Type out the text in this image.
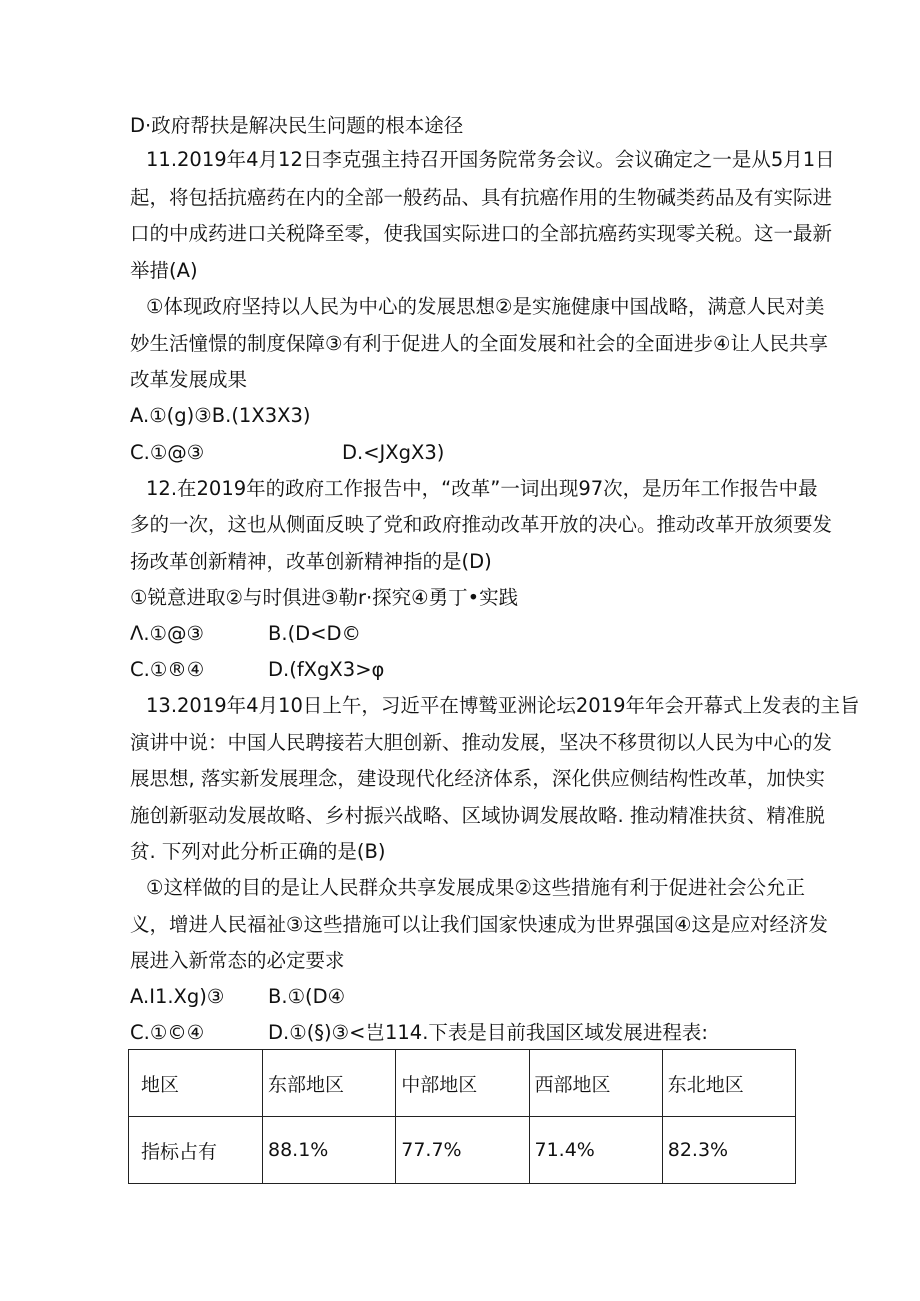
D·政府帮扶是解决民生问题的根本途径
11.2019年4月12日李克强主持召开国务院常务会议。会议确定之一是从5月1日
起，将包括抗癌药在内的全部一般药品、具有抗癌作用的生物碱类药品及有实际进
口的中成药进口关税降至零，使我国实际进口的全部抗癌药实现零关税。这一最新
举措(A)
①体现政府坚持以人民为中心的发展思想②是实施健康中国战略，满意人民对美
妙生活憧憬的制度保障③有利于促进人的全面发展和社会的全面进步④让人民共享
改革发展成果
A.①(g)③B.(1X3X3)
C.①@③	D.<JXgX3)
12.在2019年的政府工作报告中，“改革”一词出现97次，是历年工作报告中最
多的一次，这也从侧面反映了党和政府推动改革开放的决心。推动改革开放须要发
扬改革创新精神，改革创新精神指的是(D)
①锐意进取②与时俱进③勒r·探究④勇丁•实践
Λ.①@③	B.(D<D©
C.①®④	D.(fXgX3>φ
13.2019年4月10日上午，习近平在博鹫亚洲论坛2019年年会开幕式上发表的主旨
演讲中说：中国人民聘接若大胆创新、推动发展，坚决不移贯彻以人民为中心的发
展思想, 落实新发展理念，建设现代化经济体系，深化供应侧结构性改革，加快实
施创新驱动发展故略、乡村振兴战略、区域协调发展故略. 推动精准扶贫、精准脱
贫. 下列对此分析正确的是(B)
①这样做的目的是让人民群众共享发展成果②这些措施有利于促进社会公允正
义，增进人民福祉③这些措施可以让我们国家快速成为世界强国④这是应对经济发
展进入新常态的必定要求
A.I1.Xg)③ B.①(D④
C.①©④	D.①(§)③<岂114.下表是目前我国区域发展进程表:
地区	东部地区	中部地区	西部地区	东北地区
指标占有	88.1%	77.7%	71.4%	82.3%
